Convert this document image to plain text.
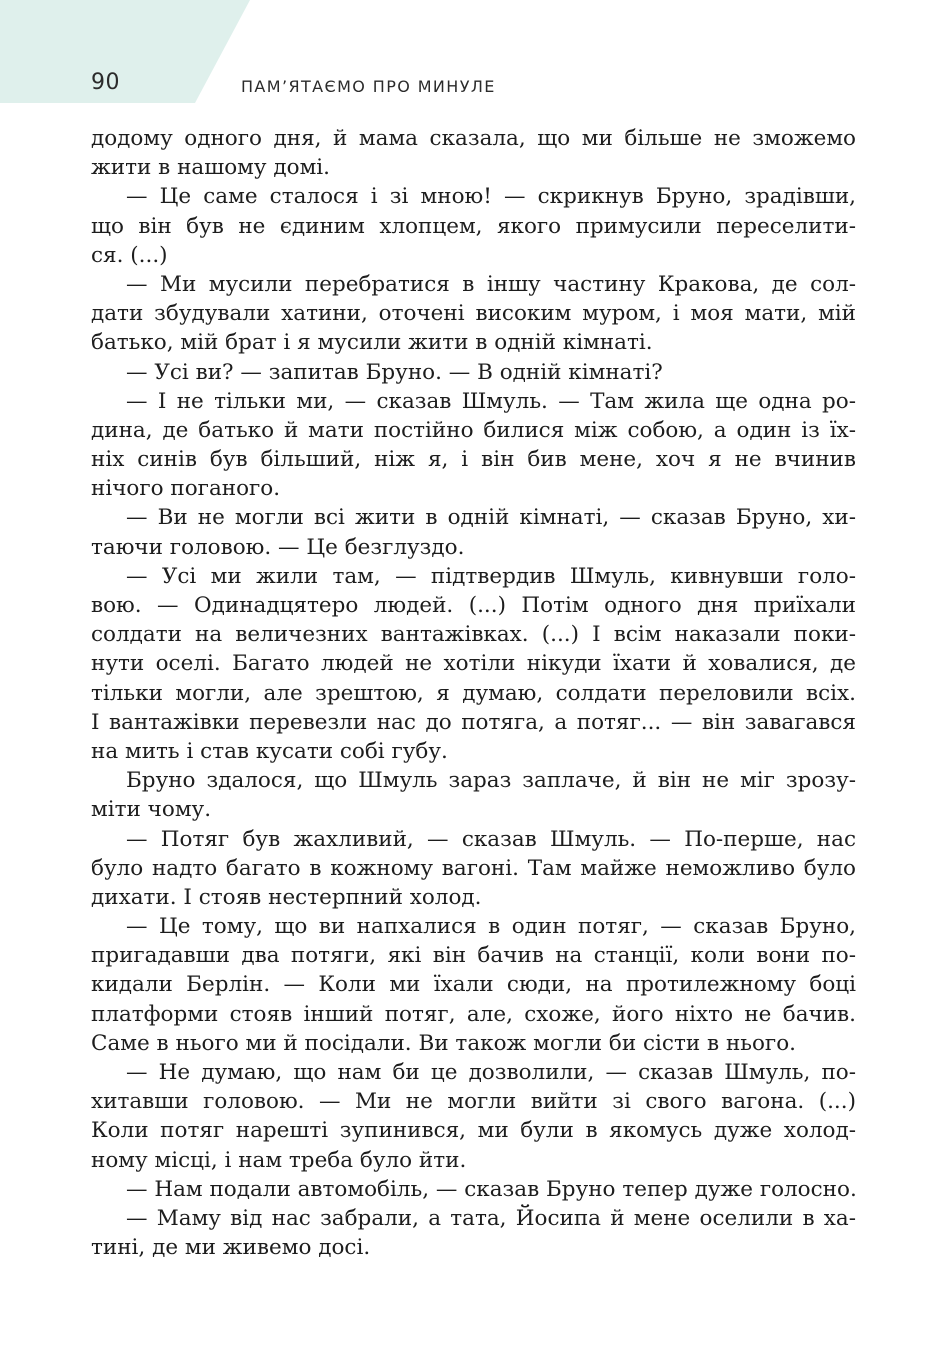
90	ПАМ’ЯТАЄМО ПРО МИНУЛЕ
додому одного дня, й мама сказала, що ми більше не зможемо
жити в нашому домі.
— Це саме сталося і зі мною! — скрикнув Бруно, зрадівши,
що він був не єдиним хлопцем, якого примусили переселити-
ся. (...)
— Ми мусили перебратися в іншу частину Кракова, де сол-
дати збудували хатини, оточені високим муром, і моя мати, мій
батько, мій брат і я мусили жити в одній кімнаті.
— Усі ви? — запитав Бруно. — В одній кімнаті?
— І не тільки ми, — сказав Шмуль. — Там жила ще одна ро-
дина, де батько й мати постійно билися між собою, а один із їх-
ніх синів був більший, ніж я, і він бив мене, хоч я не вчинив
нічого поганого.
— Ви не могли всі жити в одній кімнаті, — сказав Бруно, хи-
таючи головою. — Це безглуздо.
— Усі ми жили там, — підтвердив Шмуль, кивнувши голо-
вою. — Одинадцятеро людей. (...) Потім одного дня приїхали
солдати на величезних вантажівках. (...) І всім наказали поки-
нути оселі. Багато людей не хотіли нікуди їхати й ховалися, де
тільки могли, але зрештою, я думаю, солдати переловили всіх.
І вантажівки перевезли нас до потяга, а потяг... — він завагався
на мить і став кусати собі губу.
Бруно здалося, що Шмуль зараз заплаче, й він не міг зрозу-
міти чому.
— Потяг був жахливий, — сказав Шмуль. — По-перше, нас
було надто багато в кожному вагоні. Там майже неможливо було
дихати. І стояв нестерпний холод.
— Це тому, що ви напхалися в один потяг, — сказав Бруно,
пригадавши два потяги, які він бачив на станції, коли вони по-
кидали Берлін. — Коли ми їхали сюди, на протилежному боці
платформи стояв інший потяг, але, схоже, його ніхто не бачив.
Саме в нього ми й посідали. Ви також могли би сісти в нього.
— Не думаю, що нам би це дозволили, — сказав Шмуль, по-
хитавши головою. — Ми не могли вийти зі свого вагона. (...)
Коли потяг нарешті зупинився, ми були в якомусь дуже холод-
ному місці, і нам треба було йти.
— Нам подали автомобіль, — сказав Бруно тепер дуже голосно.
— Маму від нас забрали, а тата, Йосипа й мене оселили в ха-
тині, де ми живемо досі.
